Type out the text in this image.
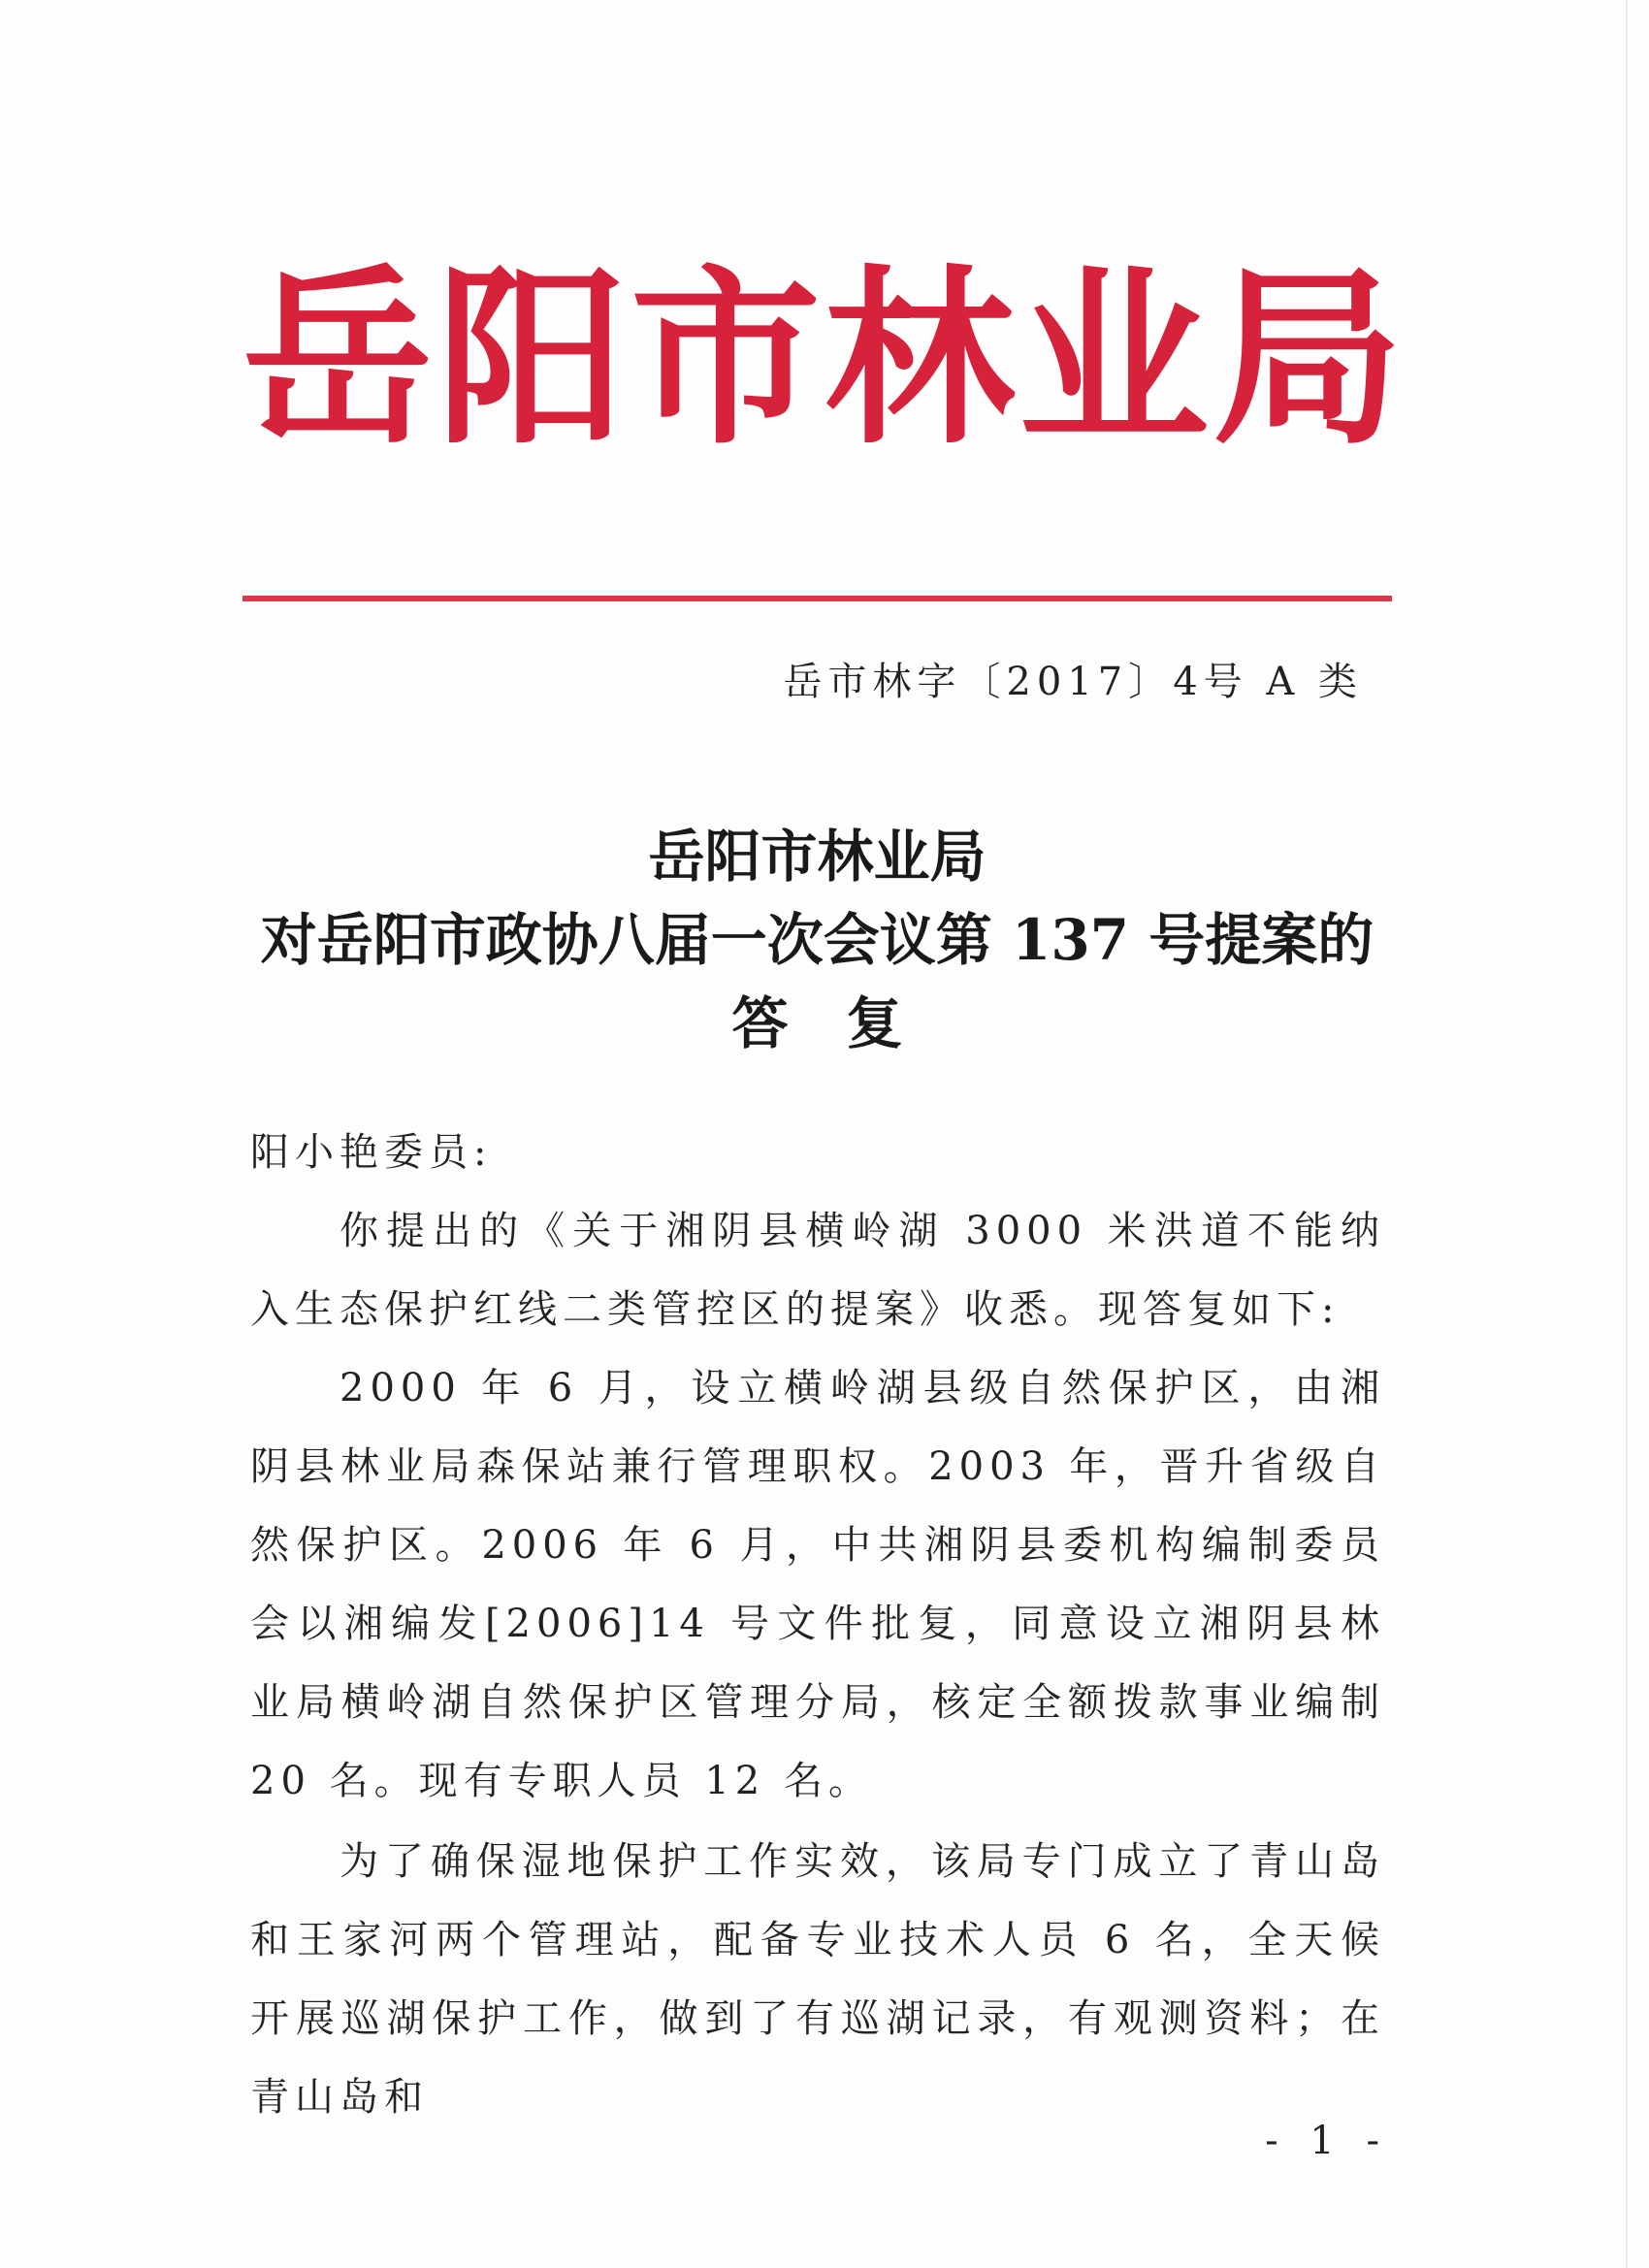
岳阳市林业局
岳市林字〔2017〕4号 A 类
岳阳市林业局
对岳阳市政协八届一次会议第 137 号提案的
答复

阳小艳委员:

你提出的《关于湘阴县横岭湖 3000 米洪道不能纳入生态保护红线二类管控区的提案》收悉。现答复如下:

2000 年 6 月，设立横岭湖县级自然保护区，由湘阴县林业局森保站兼行管理职权。2003 年，晋升省级自然保护区。2006 年 6 月，中共湘阴县委机构编制委员会以湘编发[2006]14 号文件批复，同意设立湘阴县林业局横岭湖自然保护区管理分局，核定全额拨款事业编制 20 名。现有专职人员 12 名。

为了确保湿地保护工作实效，该局专门成立了青山岛和王家河两个管理站，配备专业技术人员 6 名，全天候开展巡湖保护工作，做到了有巡湖记录，有观测资料；在青山岛和

- 1 -
